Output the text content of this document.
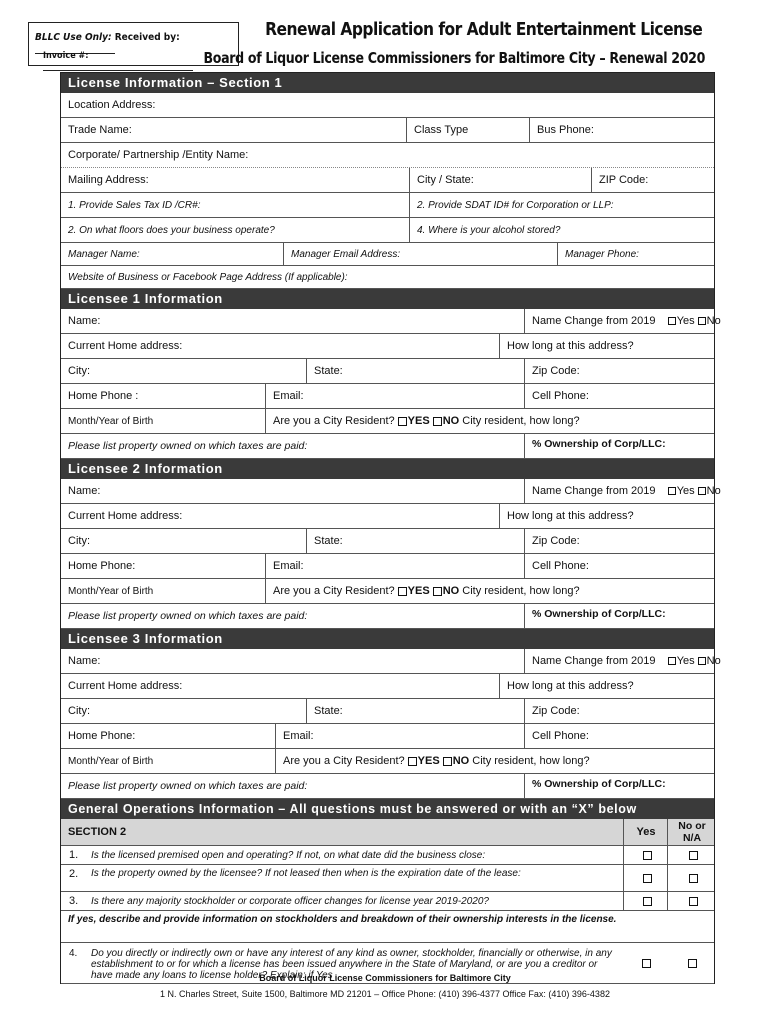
BLLC Use Only: Received by:
Invoice #:
Renewal Application for Adult Entertainment License
Board of Liquor License Commissioners for Baltimore City – Renewal 2020
License Information – Section 1
Location Address:
Trade Name:	Class Type	Bus Phone:
Corporate/ Partnership /Entity Name:
Mailing Address:	City / State:	ZIP Code:
1. Provide Sales Tax ID /CR#:	2. Provide SDAT ID# for Corporation or LLP:
2. On what floors does your business operate?	4. Where is your alcohol stored?
Manager Name:	Manager Email Address:	Manager Phone:
Website of Business or Facebook Page Address (If applicable):
Licensee 1 Information
Name:	Name Change from 2019
Yes No
Current Home address:	How long at this address?
City:	State:	Zip Code:
Home Phone :	Email:	Cell Phone:
Month/Year of Birth	Are you a City Resident? YES NO
City resident, how long?
Please list property owned on which taxes are paid:	% Ownership of Corp/LLC:
Licensee 2 Information
Name:	Name Change from 2019
Yes No
Current Home address:	How long at this address?
City:	State:	Zip Code:
Home Phone:	Email:	Cell Phone:
Month/Year of Birth	Are you a City Resident? YES NO
City resident, how long?
Please list property owned on which taxes are paid:	% Ownership of Corp/LLC:
Licensee 3 Information
Name:	Name Change from 2019
Yes No
Current Home address:	How long at this address?
City:	State:	Zip Code:
Home Phone:	Email:	Cell Phone:
Month/Year of Birth	Are you a City Resident? YES NO
City resident, how long?
Please list property owned on which taxes are paid:	% Ownership of Corp/LLC:
General Operations Information – All questions must be answered or with an “X” below
SECTION 2	Yes	No or N/A
1. Is the licensed premised open and operating? If not, on what date did the business close:
2. Is the property owned by the licensee? If not leased then when is the expiration date of the lease:
3. Is there any majority stockholder or corporate officer changes for license year 2019-2020?
If yes, describe and provide information on stockholders and breakdown of their ownership interests in the license.
4. Do you directly or indirectly own or have any interest of any kind as owner, stockholder, financially or otherwise, in any establishment to or for which a license has been issued anywhere in the State of Maryland, or are you a creditor or have made any loans to license holder? Explain: if Yes
Board of Liquor License Commissioners for Baltimore City
1 N. Charles Street, Suite 1500, Baltimore MD 21201 – Office Phone: (410) 396-4377 Office Fax: (410) 396-4382
